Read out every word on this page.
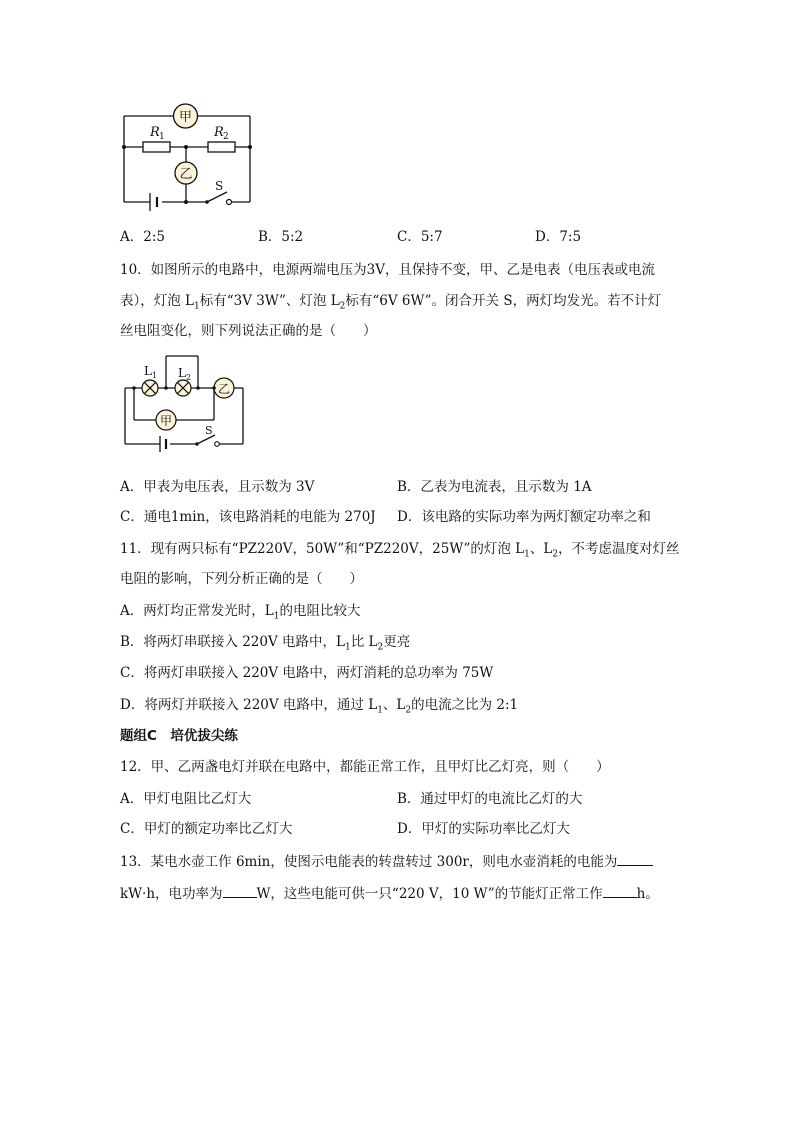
甲
乙
R 1	R 2
S
A．2:5	B．5:2	C．5:7	D．7:5
10．如图所示的电路中，电源两端电压为3V，且保持不变，甲、乙是电表（电压表或电流
表），灯泡 $L_1$标有“3V 3W”、灯泡 $L_2$标有“6V 6W”。闭合开关 S，两灯均发光。若不计灯
丝电阻变化，则下列说法正确的是（　　）
乙
甲
L 1 L 2
S
A．甲表为电压表，且示数为 3V	B．乙表为电流表，且示数为 1A
C．通电1min，该电路消耗的电能为 270J D．该电路的实际功率为两灯额定功率之和
11．现有两只标有“PZ220V，50W”和“PZ220V，25W”的灯泡 $L_1$、$L_2$，不考虑温度对灯丝
电阻的影响，下列分析正确的是（　　）
A．两灯均正常发光时，$L_1$的电阻比较大
B．将两灯串联接入 220V 电路中，$L_1$比 $L_2$更亮
C．将两灯串联接入 220V 电路中，两灯消耗的总功率为 75W
D．将两灯并联接入 220V 电路中，通过 $L_1$、$L_2$的电流之比为 2:1
题组C　培优拔尖练
12．甲、乙两盏电灯并联在电路中，都能正常工作，且甲灯比乙灯亮，则（　　）
A．甲灯电阻比乙灯大	B．通过甲灯的电流比乙灯的大
C．甲灯的额定功率比乙灯大	D．甲灯的实际功率比乙灯大
13．某电水壶工作 6min，使图示电能表的转盘转过 300r，则电水壶消耗的电能为
kW·h，电功率为	W，这些电能可供一只“220 V，10 W”的节能灯正常工作	h。
